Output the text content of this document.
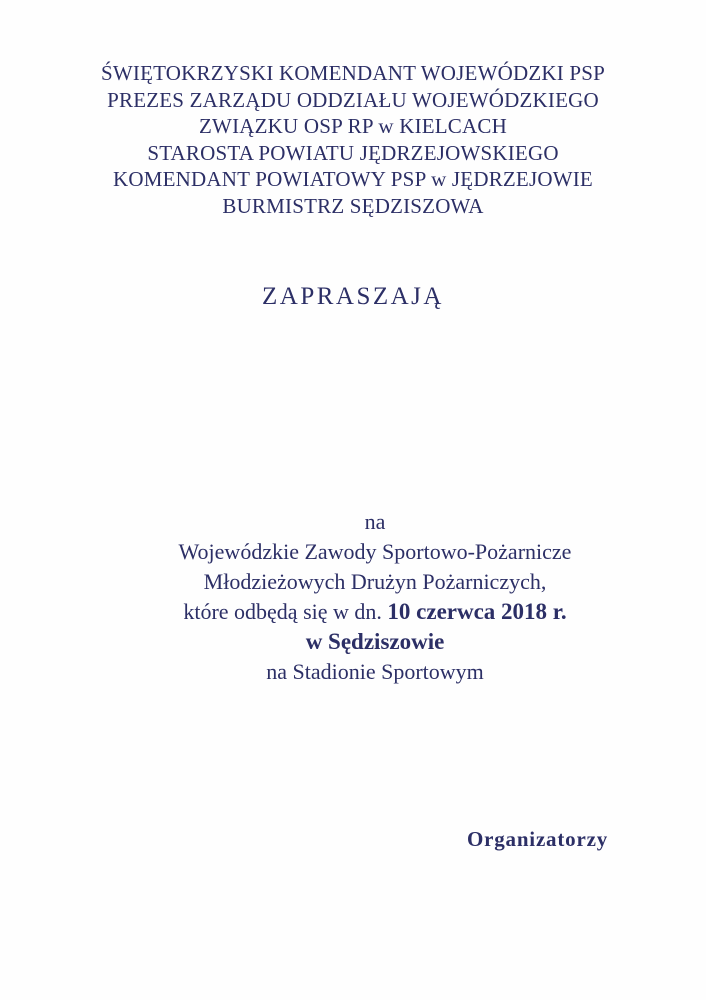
ŚWIĘTOKRZYSKI KOMENDANT WOJEWÓDZKI PSP
PREZES ZARZĄDU ODDZIAŁU WOJEWÓDZKIEGO
ZWIĄZKU OSP RP w KIELCACH
STAROSTA POWIATU JĘDRZEJOWSKIEGO
KOMENDANT POWIATOWY PSP w JĘDRZEJOWIE
BURMISTRZ SĘDZISZOWA
ZAPRASZAJĄ
na
Wojewódzkie Zawody Sportowo-Pożarnicze
Młodzieżowych Drużyn Pożarniczych,
które odbędą się w dn. 10 czerwca 2018 r.
w Sędziszowie
na Stadionie Sportowym
Organizatorzy
